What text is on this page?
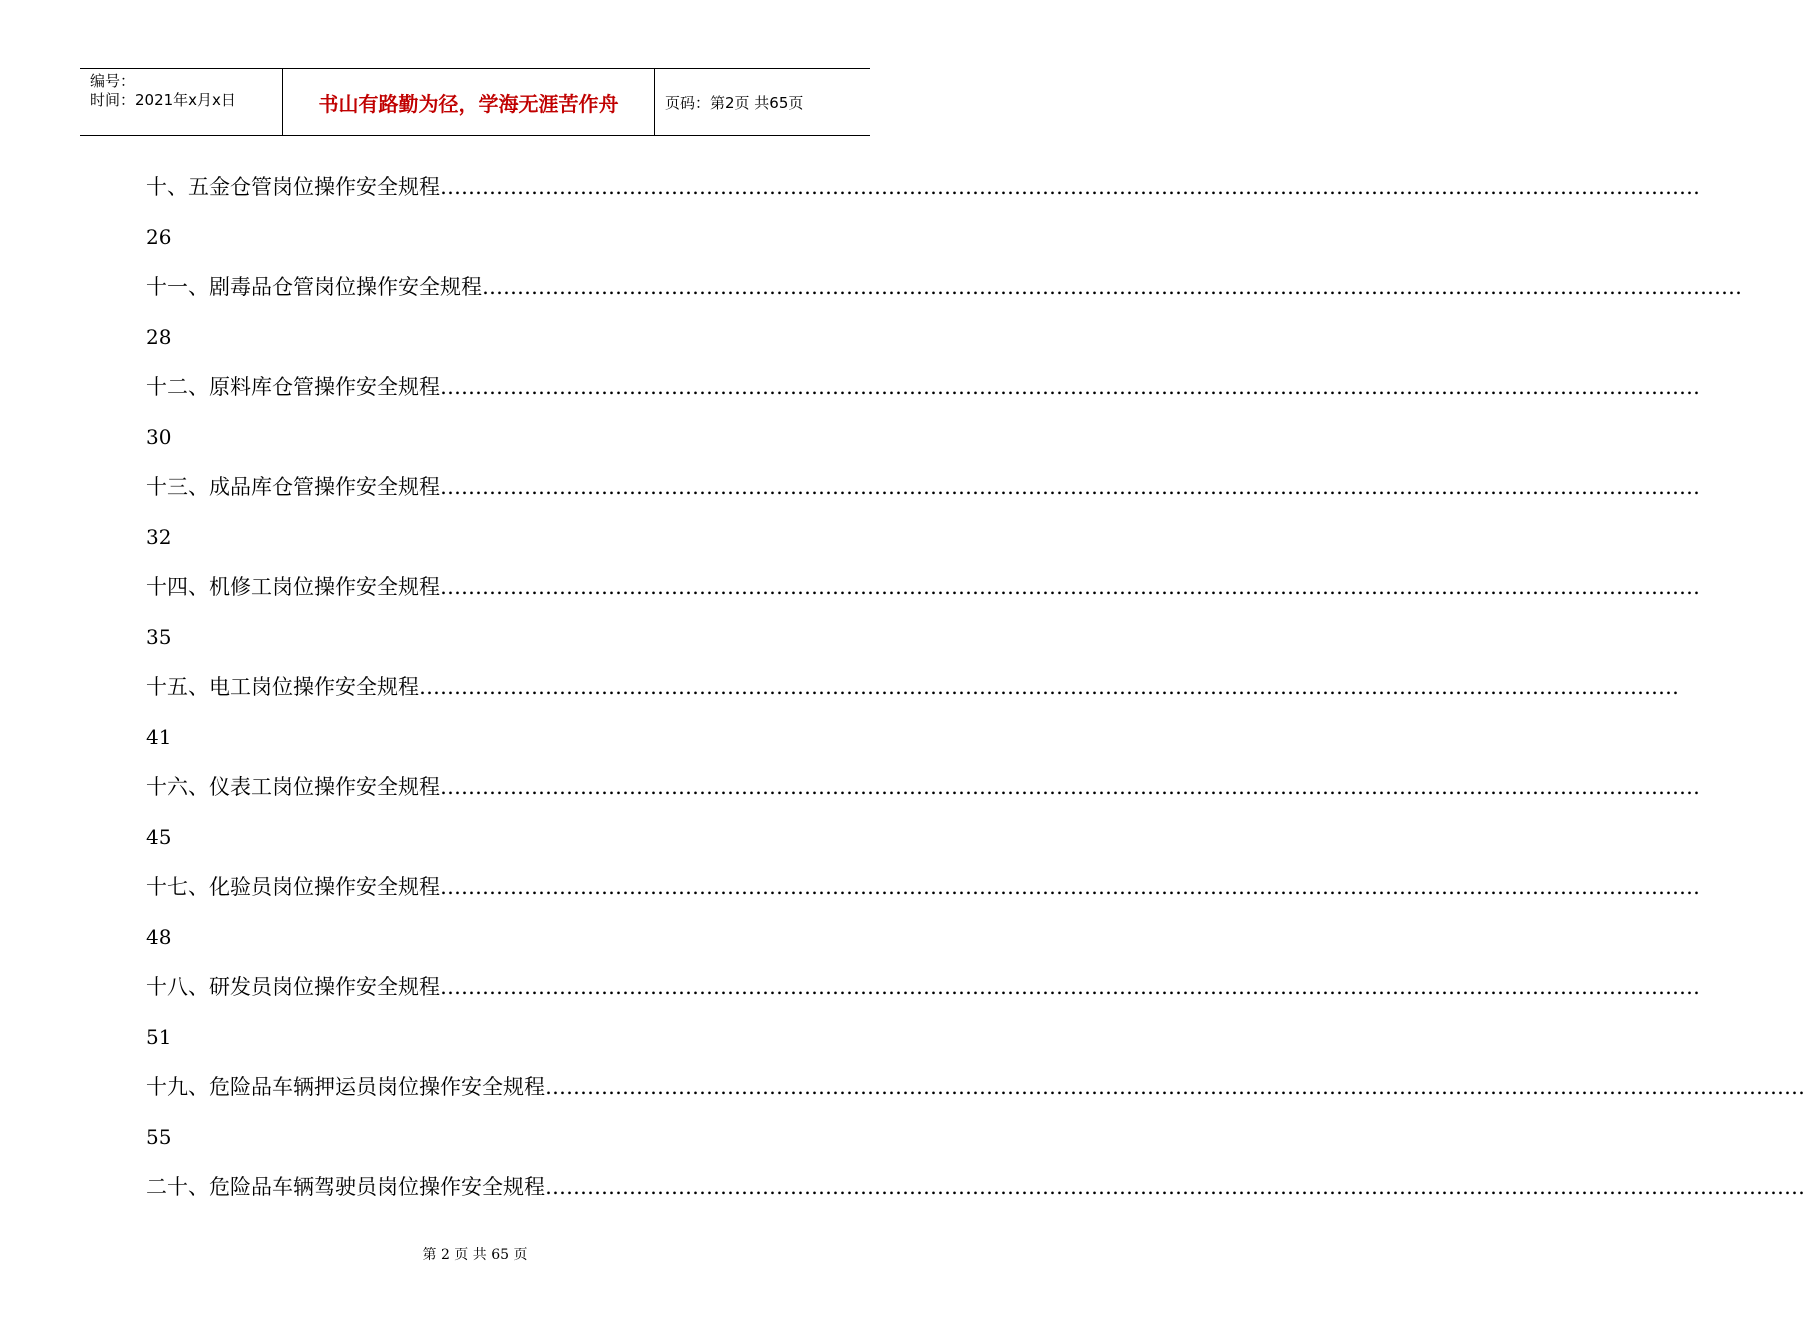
编号：
时间：2021年x月x日	书山有路勤为径，学海无涯苦作舟	页码：第2页 共65页
十、五金仓管岗位操作安全规程 ………………………………………………………………………………………………………………………………………………………………
26
十一、剧毒品仓管岗位操作安全规程 ………………………………………………………………………………………………………………………………………………………………
28
十二、原料库仓管操作安全规程 ………………………………………………………………………………………………………………………………………………………………
30
十三、成品库仓管操作安全规程 ………………………………………………………………………………………………………………………………………………………………
32
十四、机修工岗位操作安全规程 ………………………………………………………………………………………………………………………………………………………………
35
十五、电工岗位操作安全规程 ………………………………………………………………………………………………………………………………………………………………
41
十六、仪表工岗位操作安全规程 ………………………………………………………………………………………………………………………………………………………………
45
十七、化验员岗位操作安全规程 ………………………………………………………………………………………………………………………………………………………………
48
十八、研发员岗位操作安全规程 ………………………………………………………………………………………………………………………………………………………………
51
十九、危险品车辆押运员岗位操作安全规程 ………………………………………………………………………………………………………………………………………………………………
55
二十、危险品车辆驾驶员岗位操作安全规程 ………………………………………………………………………………………………………………………………………………………………
第 2 页 共 65 页
